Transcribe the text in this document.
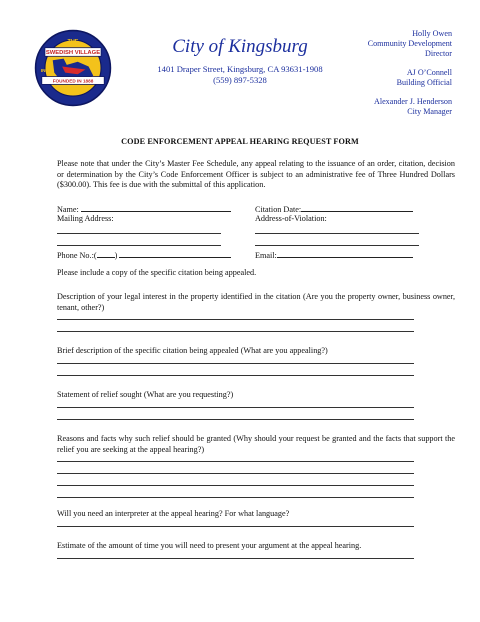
THE
SWEDISH VILLAGE
FOUNDED IN 1888
INC
City of Kingsburg
1401 Draper Street, Kingsburg, CA 93631-1908
(559) 897-5328
Holly Owen
Community Development
Director
AJ O’Connell
Building Official
Alexander J. Henderson
City Manager
CODE ENFORCEMENT APPEAL HEARING REQUEST FORM
Please note that under the City’s Master Fee Schedule, any appeal relating to the issuance of an order, citation, decision or determination by the City’s Code Enforcement Officer is subject to an administrative fee of Three Hundred Dollars ($300.00). This fee is due with the submittal of this application.
Name:	Citation Date:
Mailing Address:	Address-of-Violation:
Phone No.:( )	Email:
Please include a copy of the specific citation being appealed.
Description of your legal interest in the property identified in the citation (Are you the property owner, business owner, tenant, other?)
Brief description of the specific citation being appealed (What are you appealing?)
Statement of relief sought (What are you requesting?)
Reasons and facts why such relief should be granted (Why should your request be granted and the facts that support the relief you are seeking at the appeal hearing?)
Will you need an interpreter at the appeal hearing? For what language?
Estimate of the amount of time you will need to present your argument at the appeal hearing.
